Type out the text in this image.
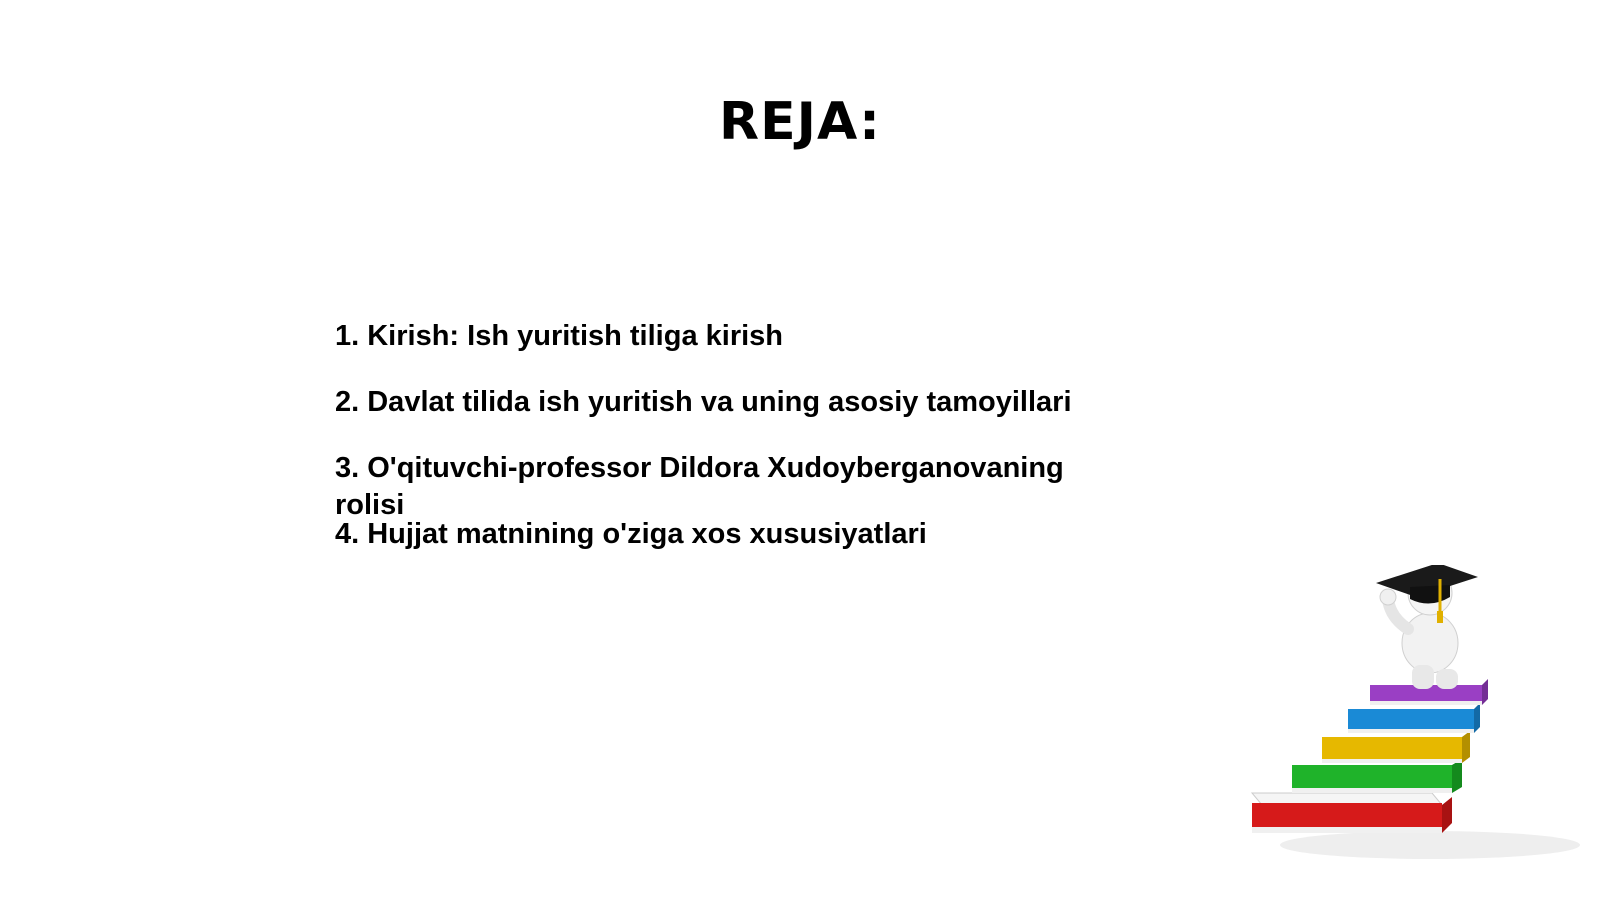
REJA:
1. Kirish: Ish yuritish tiliga kirish
2. Davlat tilida ish yuritish va uning asosiy tamoyillari
3. O'qituvchi-professor Dildora Xudoyberganovaning rolisi
4. Hujjat matnining o'ziga xos xususiyatlari
